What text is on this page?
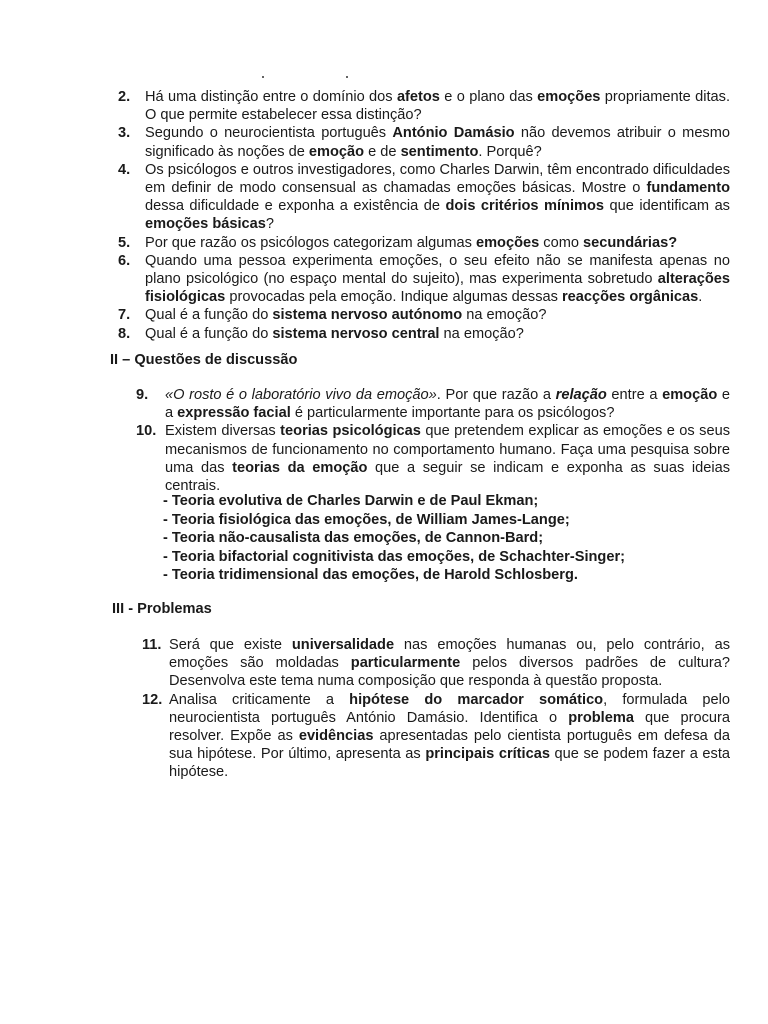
2.	Há uma distinção entre o domínio dos afetos e o plano das emoções propriamente ditas. O que permite estabelecer essa distinção?
3.	Segundo o neurocientista português António Damásio não devemos atribuir o mesmo significado às noções de emoção e de sentimento. Porquê?
4.	Os psicólogos e outros investigadores, como Charles Darwin, têm encontrado dificuldades em definir de modo consensual as chamadas emoções básicas. Mostre o fundamento dessa dificuldade e exponha a existência de dois critérios mínimos que identificam as emoções básicas?
5.	Por que razão os psicólogos categorizam algumas emoções como secundárias?
6.	Quando uma pessoa experimenta emoções, o seu efeito não se manifesta apenas no plano psicológico (no espaço mental do sujeito), mas experimenta sobretudo alterações fisiológicas provocadas pela emoção. Indique algumas dessas reacções orgânicas.
7.	Qual é a função do sistema nervoso autónomo na emoção?
8.	Qual é a função do sistema nervoso central na emoção?
II – Questões de discussão
9.	«O rosto é o laboratório vivo da emoção». Por que razão a relação entre a emoção e a expressão facial é particularmente importante para os psicólogos?
10. Existem diversas teorias psicológicas que pretendem explicar as emoções e os seus mecanismos de funcionamento no comportamento humano. Faça uma pesquisa sobre uma das teorias da emoção que a seguir se indicam e exponha as suas ideias centrais.
- Teoria evolutiva de Charles Darwin e de Paul Ekman;
- Teoria fisiológica das emoções, de William James-Lange;
- Teoria não-causalista das emoções, de Cannon-Bard;
- Teoria bifactorial cognitivista das emoções, de Schachter-Singer;
- Teoria tridimensional das emoções, de Harold Schlosberg.
III - Problemas
11. Será que existe universalidade nas emoções humanas ou, pelo contrário, as emoções são moldadas particularmente pelos diversos padrões de cultura? Desenvolva este tema numa composição que responda à questão proposta.
12. Analisa criticamente a hipótese do marcador somático, formulada pelo neurocientista português António Damásio. Identifica o problema que procura resolver. Expõe as evidências apresentadas pelo cientista português em defesa da sua hipótese. Por último, apresenta as principais críticas que se podem fazer a esta hipótese.
